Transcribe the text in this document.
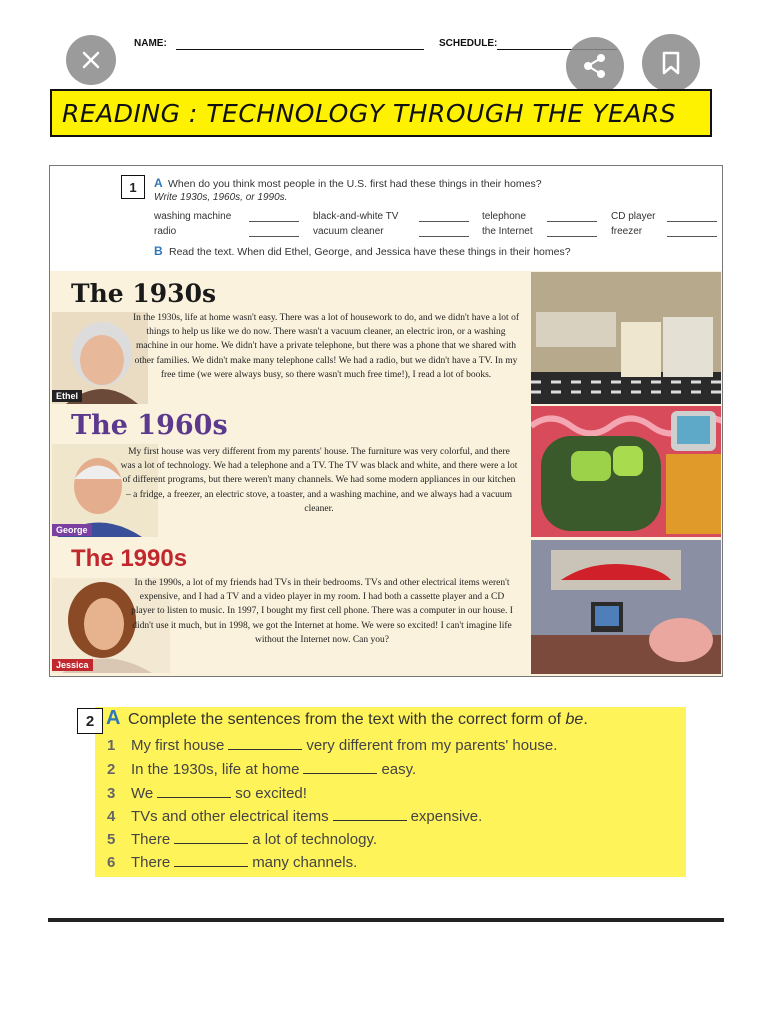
NAME:	SCHEDULE:
READING : TECHNOLOGY THROUGH THE YEARS
1	A When do you think most people in the U.S. first had these things in their homes?
Write 1930s, 1960s, or 1990s.
washing machine	black-and-white TV	telephone	CD player
radio	vacuum cleaner	the Internet	freezer
B Read the text. When did Ethel, George, and Jessica have these things in their homes?
The 1930s
Ethel
In the 1930s, life at home wasn't easy. There was a lot of housework to do, and we didn't have a lot of things to help us like we do now. There wasn't a vacuum cleaner, an electric iron, or a washing machine in our home. We didn't have a private telephone, but there was a phone that we shared with other families. We didn't make many telephone calls! We had a radio, but we didn't have a TV. In my free time (we were always busy, so there wasn't much free time!), I read a lot of books.
The 1960s
George
My first house was very different from my parents' house. The furniture was very colorful, and there was a lot of technology. We had a telephone and a TV. The TV was black and white, and there were a lot of different programs, but there weren't many channels. We had some modern appliances in our kitchen – a fridge, a freezer, an electric stove, a toaster, and a washing machine, and we always had a vacuum cleaner.
The 1990s
Jessica
In the 1990s, a lot of my friends had TVs in their bedrooms. TVs and other electrical items weren't expensive, and I had a TV and a video player in my room. I had both a cassette player and a CD player to listen to music. In 1997, I bought my first cell phone. There was a computer in our house. I didn't use it much, but in 1998, we got the Internet at home. We were so excited! I can't imagine life without the Internet now. Can you?
1 My first house	very different from my parents' house.
2 In the 1930s, life at home	easy.
3 We	so excited!
4 TVs and other electrical items	expensive.
5 There	a lot of technology.
6 There	many channels.
2 A Complete the sentences from the text with the correct form of be.
